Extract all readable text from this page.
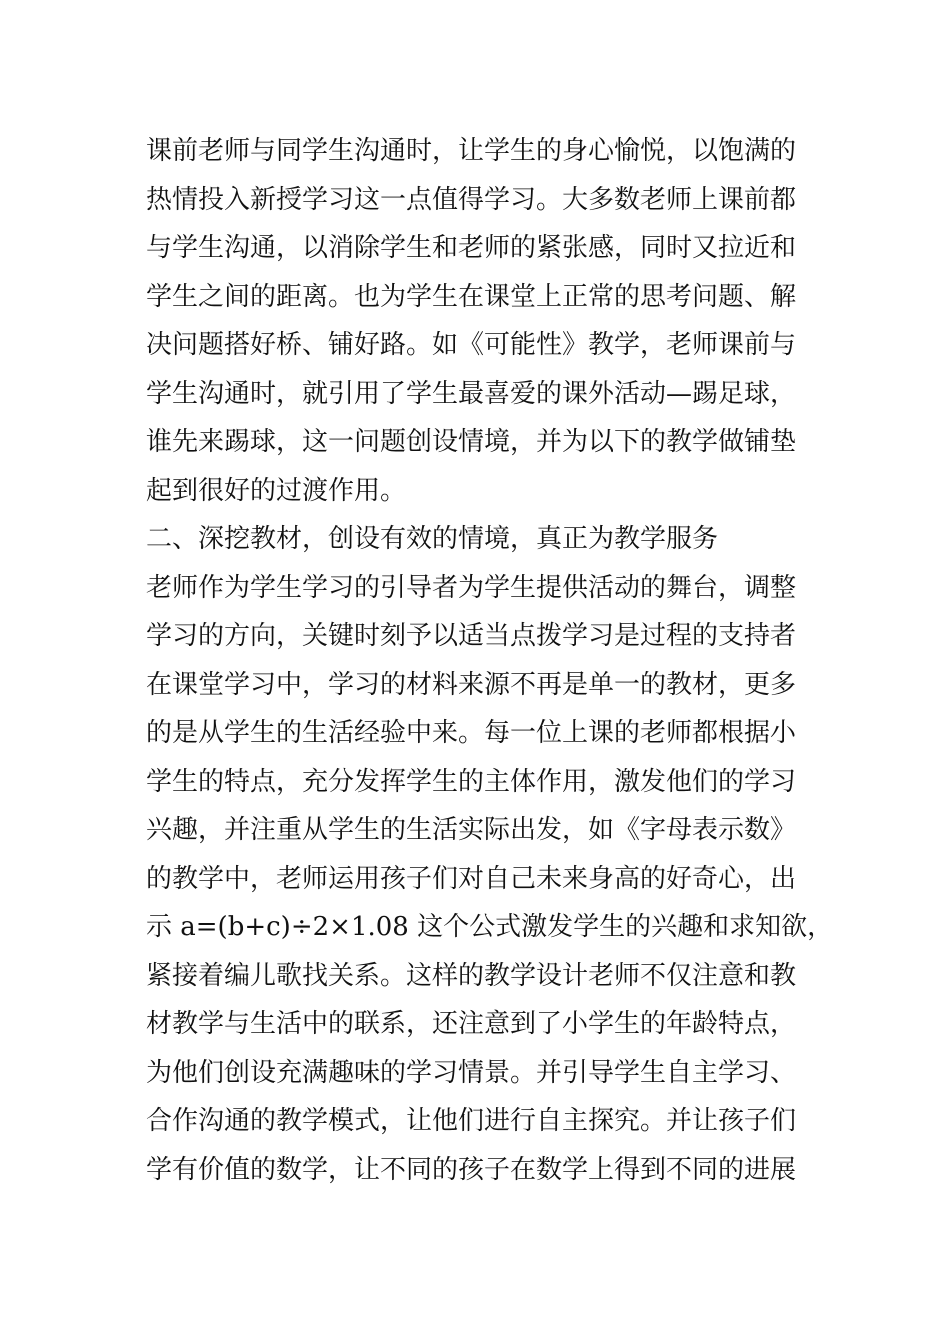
课前老师与同学生沟通时，让学生的身心愉悦，以饱满的
热情投入新授学习这一点值得学习。大多数老师上课前都
与学生沟通，以消除学生和老师的紧张感，同时又拉近和
学生之间的距离。也为学生在课堂上正常的思考问题、解
决问题搭好桥、铺好路。如《可能性》教学，老师课前与
学生沟通时，就引用了学生最喜爱的课外活动—踢足球，
谁先来踢球，这一问题创设情境，并为以下的教学做铺垫
起到很好的过渡作用。
二、深挖教材，创设有效的情境，真正为教学服务
老师作为学生学习的引导者为学生提供活动的舞台，调整
学习的方向，关键时刻予以适当点拨学习是过程的支持者
在课堂学习中，学习的材料来源不再是单一的教材，更多
的是从学生的生活经验中来。每一位上课的老师都根据小
学生的特点，充分发挥学生的主体作用，激发他们的学习
兴趣，并注重从学生的生活实际出发，如《字母表示数》
的教学中，老师运用孩子们对自己未来身高的好奇心，出
示 a=(b+c)÷2×1.08 这个公式激发学生的兴趣和求知欲，
紧接着编儿歌找关系。这样的教学设计老师不仅注意和教
材教学与生活中的联系，还注意到了小学生的年龄特点，
为他们创设充满趣味的学习情景。并引导学生自主学习、
合作沟通的教学模式，让他们进行自主探究。并让孩子们
学有价值的数学，让不同的孩子在数学上得到不同的进展
